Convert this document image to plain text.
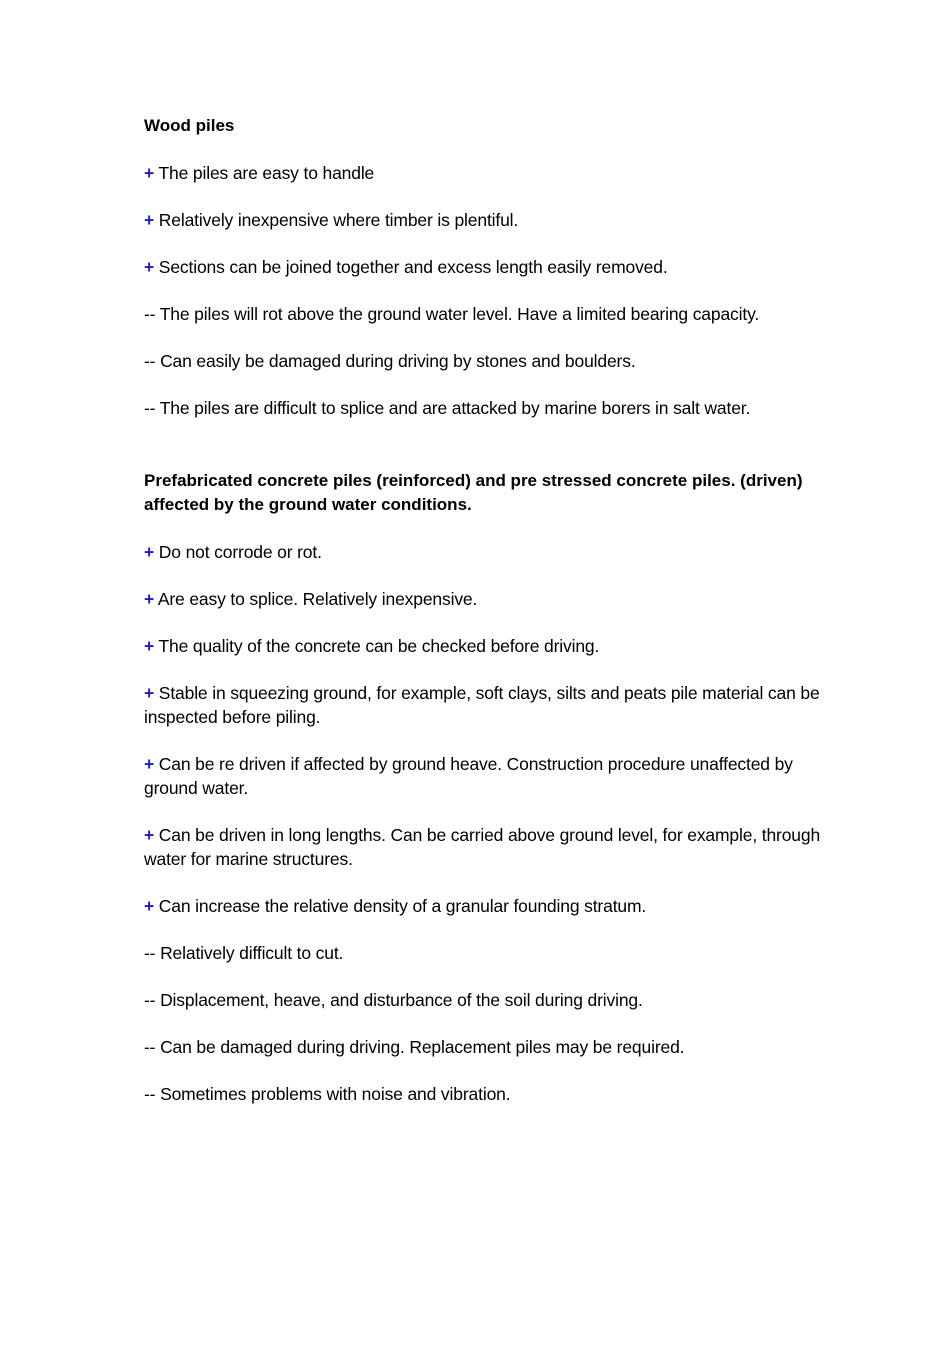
Wood piles

+ The piles are easy to handle

+ Relatively inexpensive where timber is plentiful.

+ Sections can be joined together and excess length easily removed.

-- The piles will rot above the ground water level. Have a limited bearing capacity.

-- Can easily be damaged during driving by stones and boulders.

-- The piles are difficult to splice and are attacked by marine borers in salt water.

Prefabricated concrete piles (reinforced) and pre stressed concrete piles. (driven) affected by the ground water conditions.

+ Do not corrode or rot.

+ Are easy to splice. Relatively inexpensive.

+ The quality of the concrete can be checked before driving.

+ Stable in squeezing ground, for example, soft clays, silts and peats pile material can be inspected before piling.

+ Can be re driven if affected by ground heave. Construction procedure unaffected by ground water.

+ Can be driven in long lengths. Can be carried above ground level, for example, through water for marine structures.

+ Can increase the relative density of a granular founding stratum.

-- Relatively difficult to cut.

-- Displacement, heave, and disturbance of the soil during driving.

-- Can be damaged during driving. Replacement piles may be required.

-- Sometimes problems with noise and vibration.
